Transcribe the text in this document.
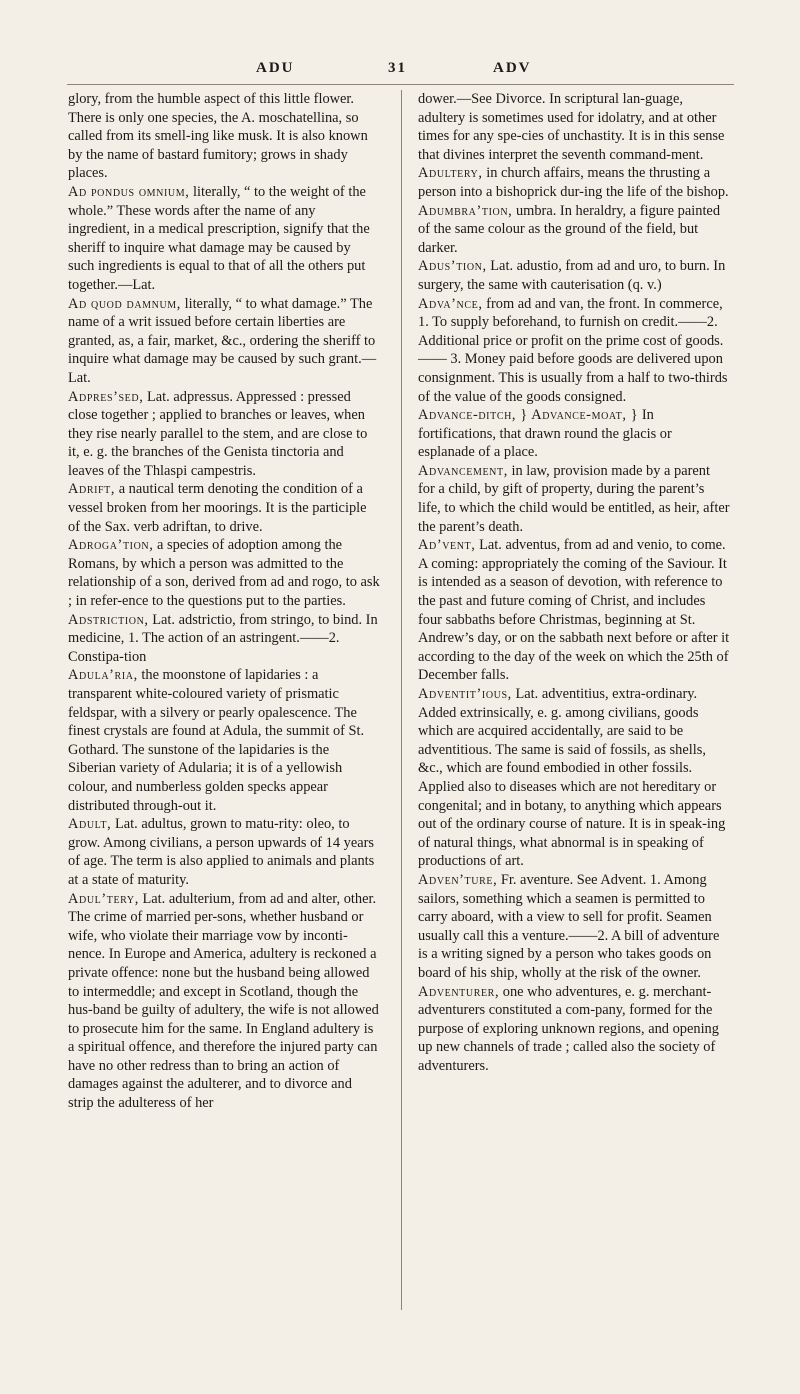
ADU	31	ADV

glory, from the humble aspect of this little flower. There is only one species, the A. moschatellina, so called from its smell-ing like musk. It is also known by the name of bastard fumitory; grows in shady places.

Ad pondus omnium, literally, “ to the weight of the whole.” These words after the name of any ingredient, in a medical prescription, signify that the sheriff to inquire what damage may be caused by such ingredients is equal to that of all the others put together.—Lat.

Ad quod damnum, literally, “ to what damage.” The name of a writ issued before certain liberties are granted, as, a fair, market, &c., ordering the sheriff to inquire what damage may be caused by such grant.—Lat.

Adpres’sed, Lat. adpressus. Appressed : pressed close together ; applied to branches or leaves, when they rise nearly parallel to the stem, and are close to it, e. g. the branches of the Genista tinctoria and leaves of the Thlaspi campestris.

Adrift, a nautical term denoting the condition of a vessel broken from her moorings. It is the participle of the Sax. verb adriftan, to drive.

Adroga’tion, a species of adoption among the Romans, by which a person was admitted to the relationship of a son, derived from ad and rogo, to ask ; in refer-ence to the questions put to the parties.

Adstriction, Lat. adstrictio, from stringo, to bind. In medicine, 1. The action of an astringent.——2. Constipa-tion

Adula’ria, the moonstone of lapidaries : a transparent white-coloured variety of prismatic feldspar, with a silvery or pearly opalescence. The finest crystals are found at Adula, the summit of St. Gothard. The sunstone of the lapidaries is the Siberian variety of Adularia; it is of a yellowish colour, and numberless golden specks appear distributed through-out it.

Adult, Lat. adultus, grown to matu-rity: oleo, to grow. Among civilians, a person upwards of 14 years of age. The term is also applied to animals and plants at a state of maturity.

Adul’tery, Lat. adulterium, from ad and alter, other. The crime of married per-sons, whether husband or wife, who violate their marriage vow by inconti-nence. In Europe and America, adultery is reckoned a private offence: none but the husband being allowed to intermeddle; and except in Scotland, though the hus-band be guilty of adultery, the wife is not allowed to prosecute him for the same. In England adultery is a spiritual offence, and therefore the injured party can have no other redress than to bring an action of damages against the adulterer, and to divorce and strip the adulteress of her

dower.—See Divorce. In scriptural lan-guage, adultery is sometimes used for idolatry, and at other times for any spe-cies of unchastity. It is in this sense that divines interpret the seventh command-ment.

Adultery, in church affairs, means the thrusting a person into a bishoprick dur-ing the life of the bishop.

Adumbra’tion, umbra. In heraldry, a figure painted of the same colour as the ground of the field, but darker.

Adus’tion, Lat. adustio, from ad and uro, to burn. In surgery, the same with cauterisation (q. v.)

Adva’nce, from ad and van, the front. In commerce, 1. To supply beforehand, to furnish on credit.——2. Additional price or profit on the prime cost of goods.—— 3. Money paid before goods are delivered upon consignment. This is usually from a half to two-thirds of the value of the goods consigned.

Advance-ditch, } Advance-moat, } In fortifications, that drawn round the glacis or esplanade of a place.

Advancement, in law, provision made by a parent for a child, by gift of property, during the parent’s life, to which the child would be entitled, as heir, after the parent’s death.

Ad’vent, Lat. adventus, from ad and venio, to come. A coming: appropriately the coming of the Saviour. It is intended as a season of devotion, with reference to the past and future coming of Christ, and includes four sabbaths before Christmas, beginning at St. Andrew’s day, or on the sabbath next before or after it according to the day of the week on which the 25th of December falls.

Adventit’ious, Lat. adventitius, extra-ordinary. Added extrinsically, e. g. among civilians, goods which are acquired accidentally, are said to be adventitious. The same is said of fossils, as shells, &c., which are found embodied in other fossils. Applied also to diseases which are not hereditary or congenital; and in botany, to anything which appears out of the ordinary course of nature. It is in speak-ing of natural things, what abnormal is in speaking of productions of art.

Adven’ture, Fr. aventure. See Advent. 1. Among sailors, something which a seamen is permitted to carry aboard, with a view to sell for profit. Seamen usually call this a venture.——2. A bill of adventure is a writing signed by a person who takes goods on board of his ship, wholly at the risk of the owner.

Adventurer, one who adventures, e. g. merchant-adventurers constituted a com-pany, formed for the purpose of exploring unknown regions, and opening up new channels of trade ; called also the society of adventurers.
